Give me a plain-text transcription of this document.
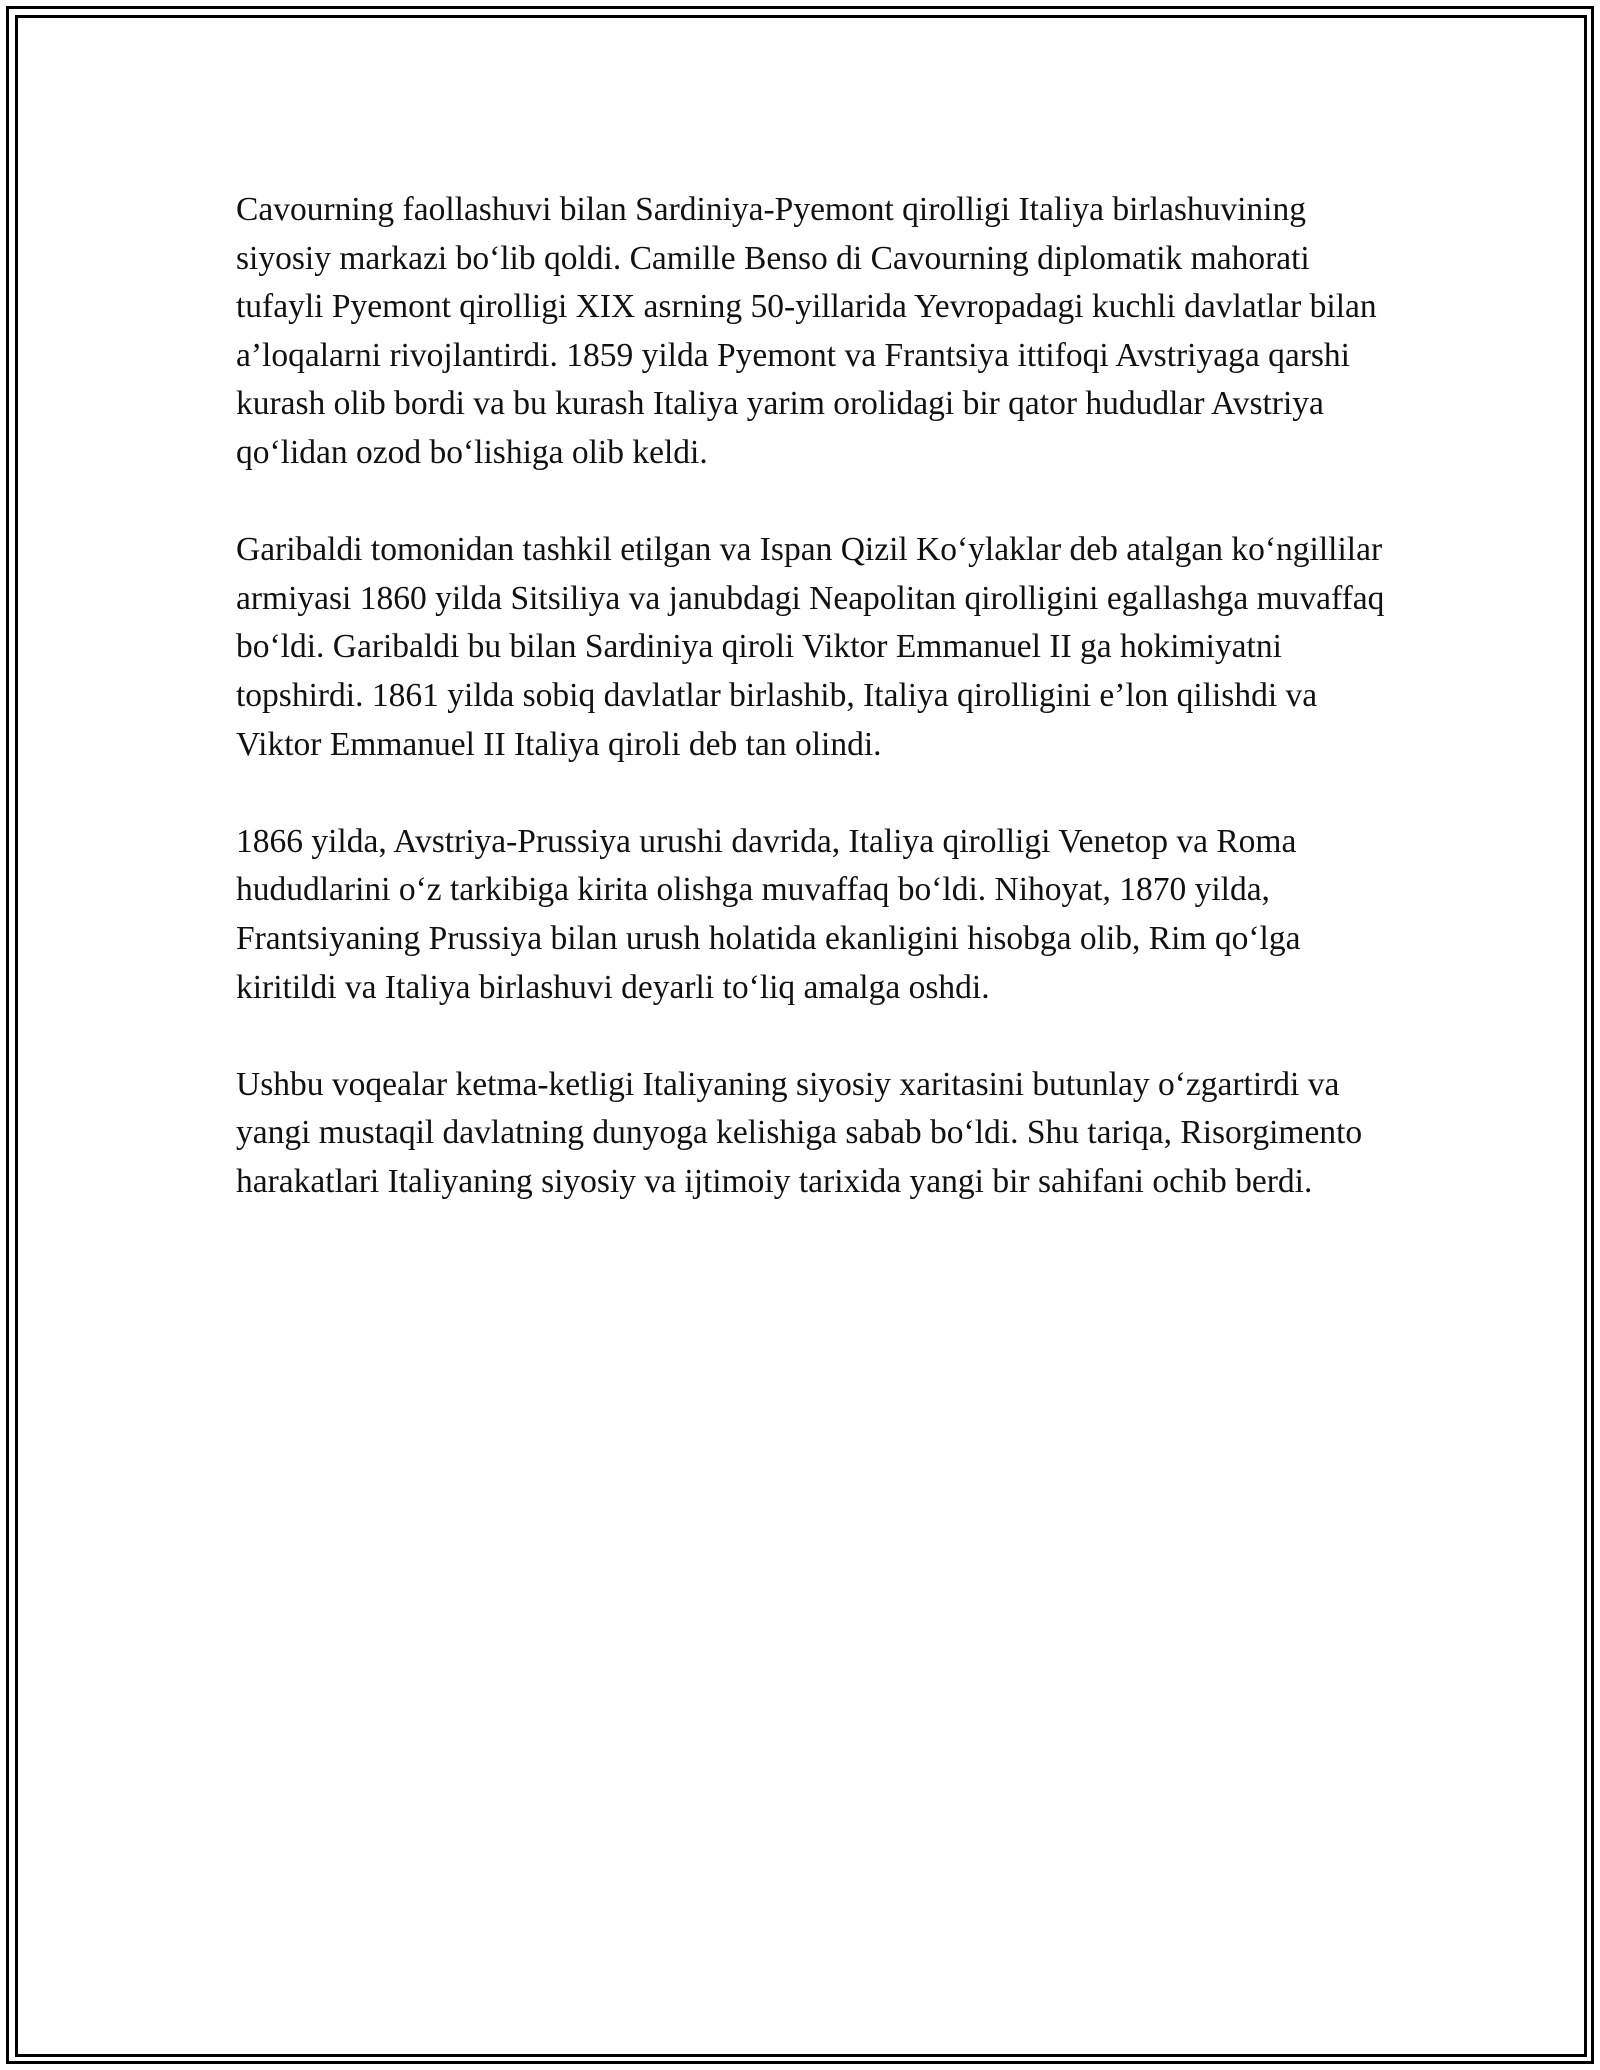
Cavourning faollashuvi bilan Sardiniya-Pyemont qirolligi Italiya birlashuvining siyosiy markazi bo‘lib qoldi. Camille Benso di Cavourning diplomatik mahorati tufayli Pyemont qirolligi XIX asrning 50-yillarida Yevropadagi kuchli davlatlar bilan a’loqalarni rivojlantirdi. 1859 yilda Pyemont va Frantsiya ittifoqi Avstriyaga qarshi kurash olib bordi va bu kurash Italiya yarim orolidagi bir qator hududlar Avstriya qo‘lidan ozod bo‘lishiga olib keldi.

Garibaldi tomonidan tashkil etilgan va Ispan Qizil Ko‘ylaklar deb atalgan ko‘ngillilar armiyasi 1860 yilda Sitsiliya va janubdagi Neapolitan qirolligini egallashga muvaffaq bo‘ldi. Garibaldi bu bilan Sardiniya qiroli Viktor Emmanuel II ga hokimiyatni topshirdi. 1861 yilda sobiq davlatlar birlashib, Italiya qirolligini e’lon qilishdi va Viktor Emmanuel II Italiya qiroli deb tan olindi.

1866 yilda, Avstriya-Prussiya urushi davrida, Italiya qirolligi Venetop va Roma hududlarini o‘z tarkibiga kirita olishga muvaffaq bo‘ldi. Nihoyat, 1870 yilda, Frantsiyaning Prussiya bilan urush holatida ekanligini hisobga olib, Rim qo‘lga kiritildi va Italiya birlashuvi deyarli to‘liq amalga oshdi.

Ushbu voqealar ketma-ketligi Italiyaning siyosiy xaritasini butunlay o‘zgartirdi va yangi mustaqil davlatning dunyoga kelishiga sabab bo‘ldi. Shu tariqa, Risorgimento harakatlari Italiyaning siyosiy va ijtimoiy tarixida yangi bir sahifani ochib berdi.
